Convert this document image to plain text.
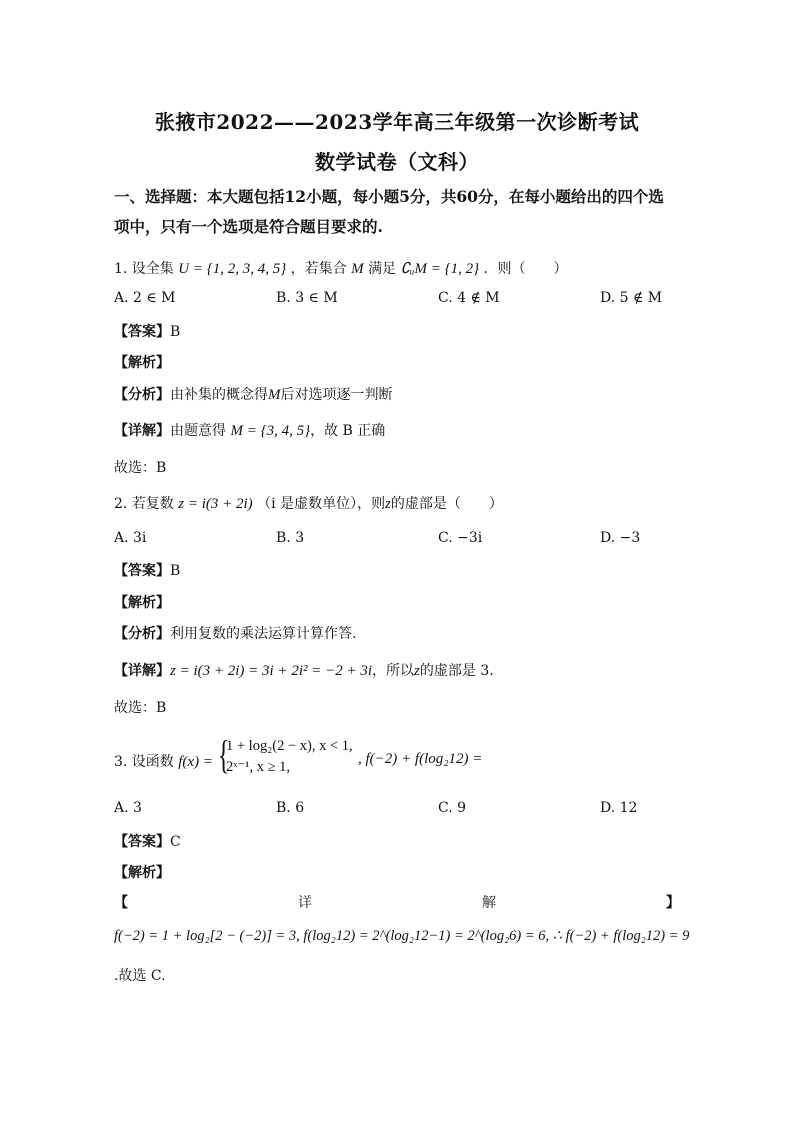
张掖市2022——2023学年高三年级第一次诊断考试
数学试卷（文科）
一、选择题：本大题包括12小题，每小题5分，共60分，在每小题给出的四个选
项中，只有一个选项是符合题目要求的.
1. 设全集 U = {1, 2, 3, 4, 5} ，若集合 M 满足 ∁ᵤM = {1, 2} ．则（　　）
A. 2 ∈ M	B. 3 ∈ M	C. 4 ∉ M	D. 5 ∉ M
【答案】B
【解析】
【分析】由补集的概念得M后对选项逐一判断
【详解】由题意得 M = {3, 4, 5}，故 B 正确
故选：B
2. 若复数 z = i(3 + 2i) （i 是虚数单位），则z的虚部是（　　）
A. 3i	B. 3	C. −3i	D. −3
【答案】B
【解析】
【分析】利用复数的乘法运算计算作答.
【详解】z = i(3 + 2i) = 3i + 2i² = −2 + 3i，所以z的虚部是 3.
故选：B
3. 设函数 f(x) = {
1 + log₂(2 − x), x < 1,
2ˣ⁻¹, x ≥ 1,	, f(−2) + f(log₂12) =
A. 3	B. 6	C. 9	D. 12
【答案】C
【解析】
【	详	解	】
f(−2) = 1 + log₂[2 − (−2)] = 3, f(log₂12) = 2^(log₂12−1) = 2^(log₂6) = 6, ∴ f(−2) + f(log₂12) = 9
.故选 C.
